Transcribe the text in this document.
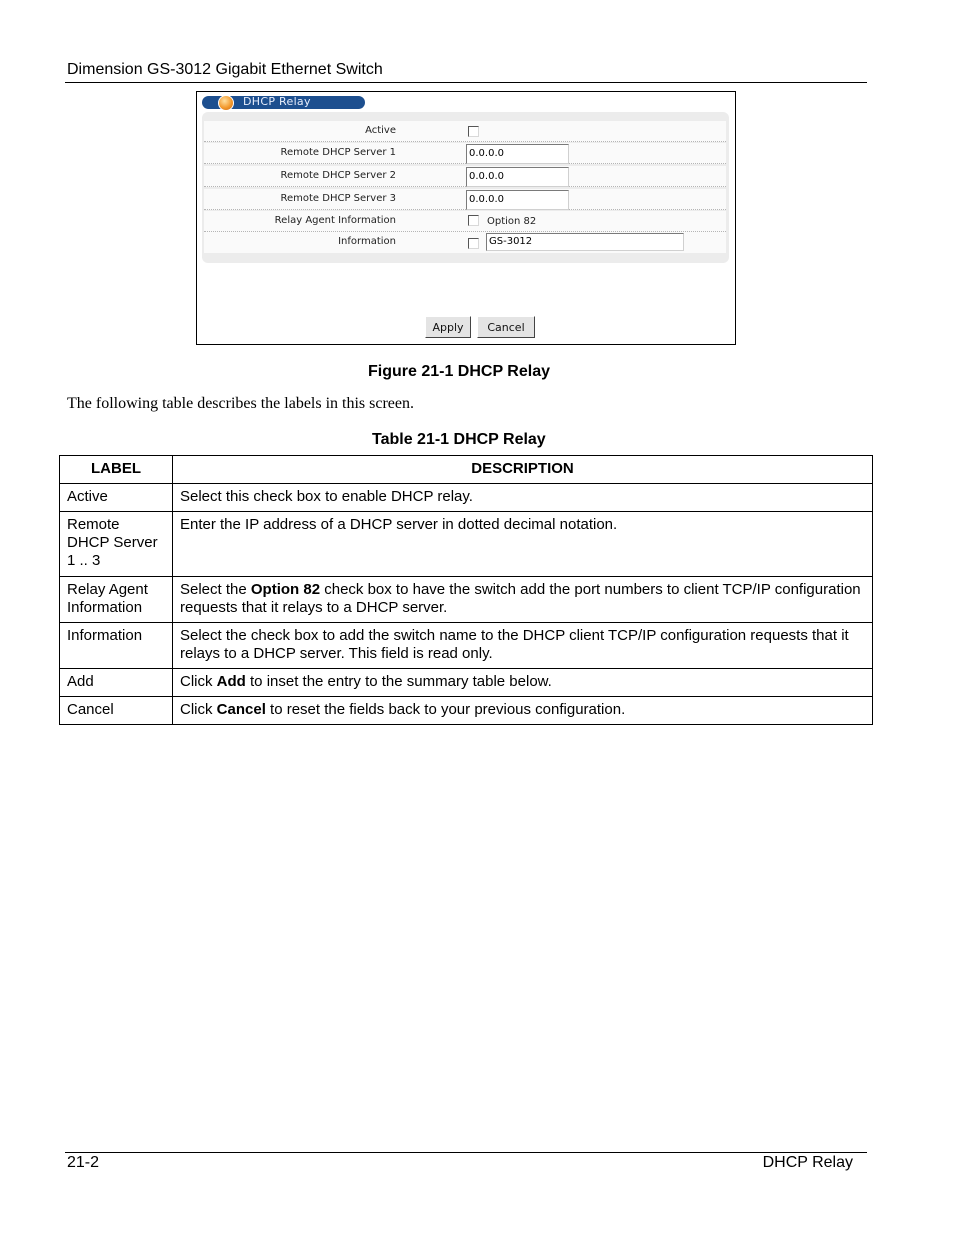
Dimension GS-3012 Gigabit Ethernet Switch
DHCP Relay
Active
Remote DHCP Server 1	0.0.0.0
Remote DHCP Server 2	0.0.0.0
Remote DHCP Server 3	0.0.0.0
Relay Agent Information	Option 82
Information	GS-3012
Apply	Cancel
Figure 21-1 DHCP Relay
The following table describes the labels in this screen.
Table 21-1 DHCP Relay
LABEL	DESCRIPTION
Active	Select this check box to enable DHCP relay.
Remote DHCP Server 1 .. 3	Enter the IP address of a DHCP server in dotted decimal notation.
Relay Agent Information	Select the Option 82 check box to have the switch add the port numbers to client TCP/IP configuration requests that it relays to a DHCP server.
Information	Select the check box to add the switch name to the DHCP client TCP/IP configuration requests that it relays to a DHCP server. This field is read only.
Add	Click Add to inset the entry to the summary table below.
Cancel	Click Cancel to reset the fields back to your previous configuration.
21-2	DHCP Relay
